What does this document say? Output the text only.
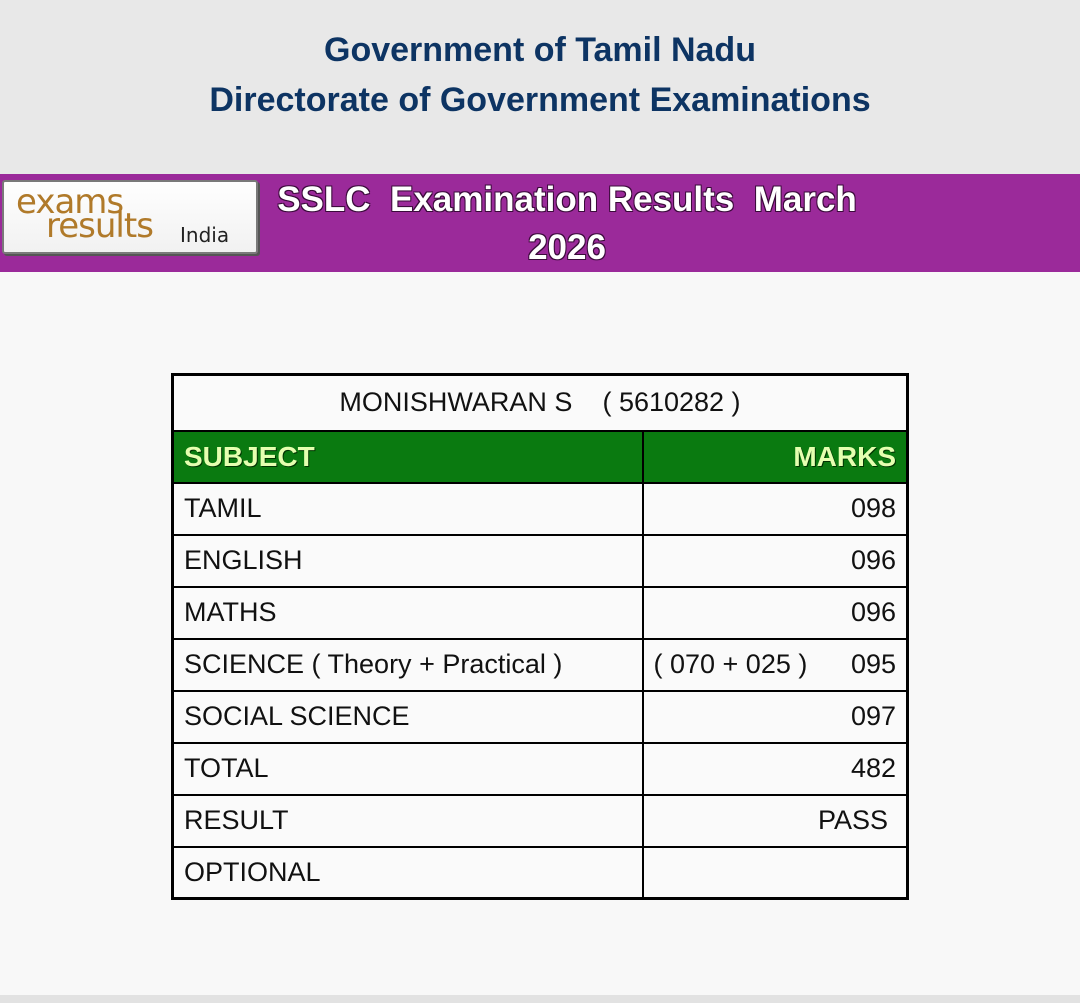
Government of Tamil Nadu
Directorate of Government Examinations
exams
results India
SSLC  Examination Results  March
2026
MONISHWARAN S ( 5610282 )	
SUBJECT	MARKS
TAMIL	098
ENGLISH	096
MATHS	096
SCIENCE ( Theory + Practical )	( 070 + 025 ) 095

SOCIAL SCIENCE	097
TOTAL	482
RESULT	PASS
OPTIONAL	
